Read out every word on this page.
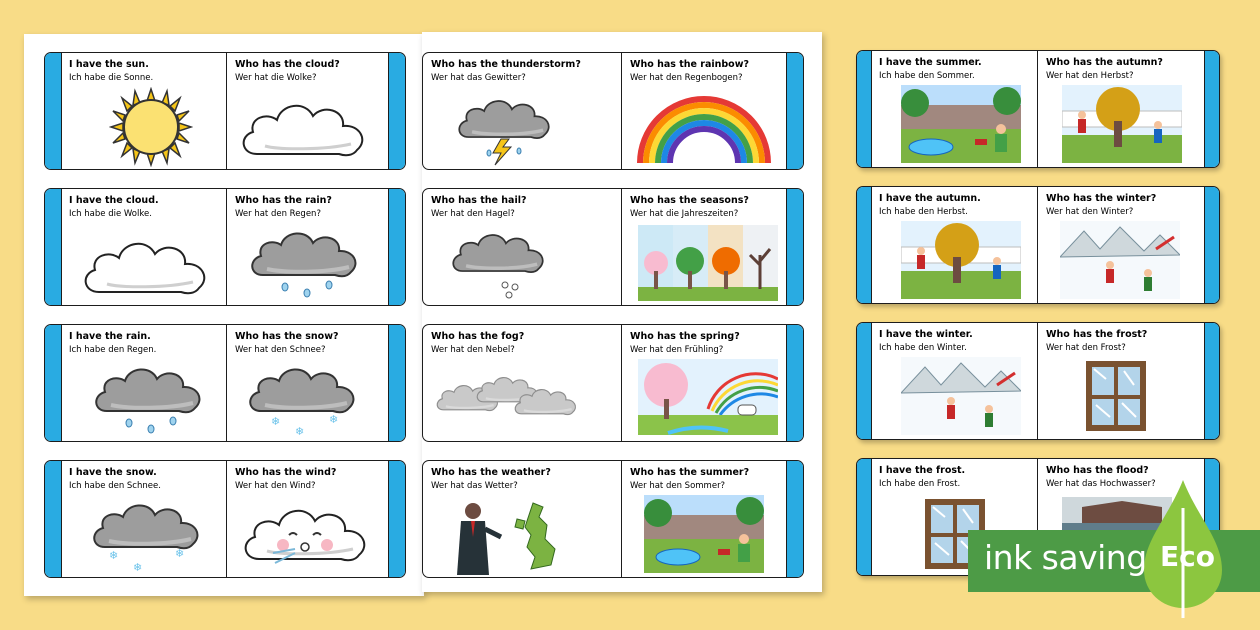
I have the sun.
Ich habe die Sonne.
Who has the cloud?
Wer hat die Wolke?
I have the cloud.
Ich habe die Wolke.
Who has the rain?
Wer hat den Regen?
I have the rain.
Ich habe den Regen.
Who has the snow?
Wer hat den Schnee?
❄
❄
❄
I have the snow.
Ich habe den Schnee.
❄
❄
❄
Who has the wind?
Wer hat den Wind?
Who has the thunderstorm?
Wer hat das Gewitter?
Who has the rainbow?
Wer hat den Regenbogen?
Who has the hail?
Wer hat den Hagel?
Who has the seasons?
Wer hat die Jahreszeiten?
Who has the fog?
Wer hat den Nebel?
Who has the spring?
Wer hat den Frühling?
Who has the weather?
Wer hat das Wetter?
Who has the summer?
Wer hat den Sommer?
I have the summer.
Ich habe den Sommer.
Who has the autumn?
Wer hat den Herbst?
I have the autumn.
Ich habe den Herbst.
Who has the winter?
Wer hat den Winter?
I have the winter.
Ich habe den Winter.
Who has the frost?
Wer hat den Frost?
I have the frost.
Ich habe den Frost.
Who has the flood?
Wer hat das Hochwasser?
ink saving Eco
